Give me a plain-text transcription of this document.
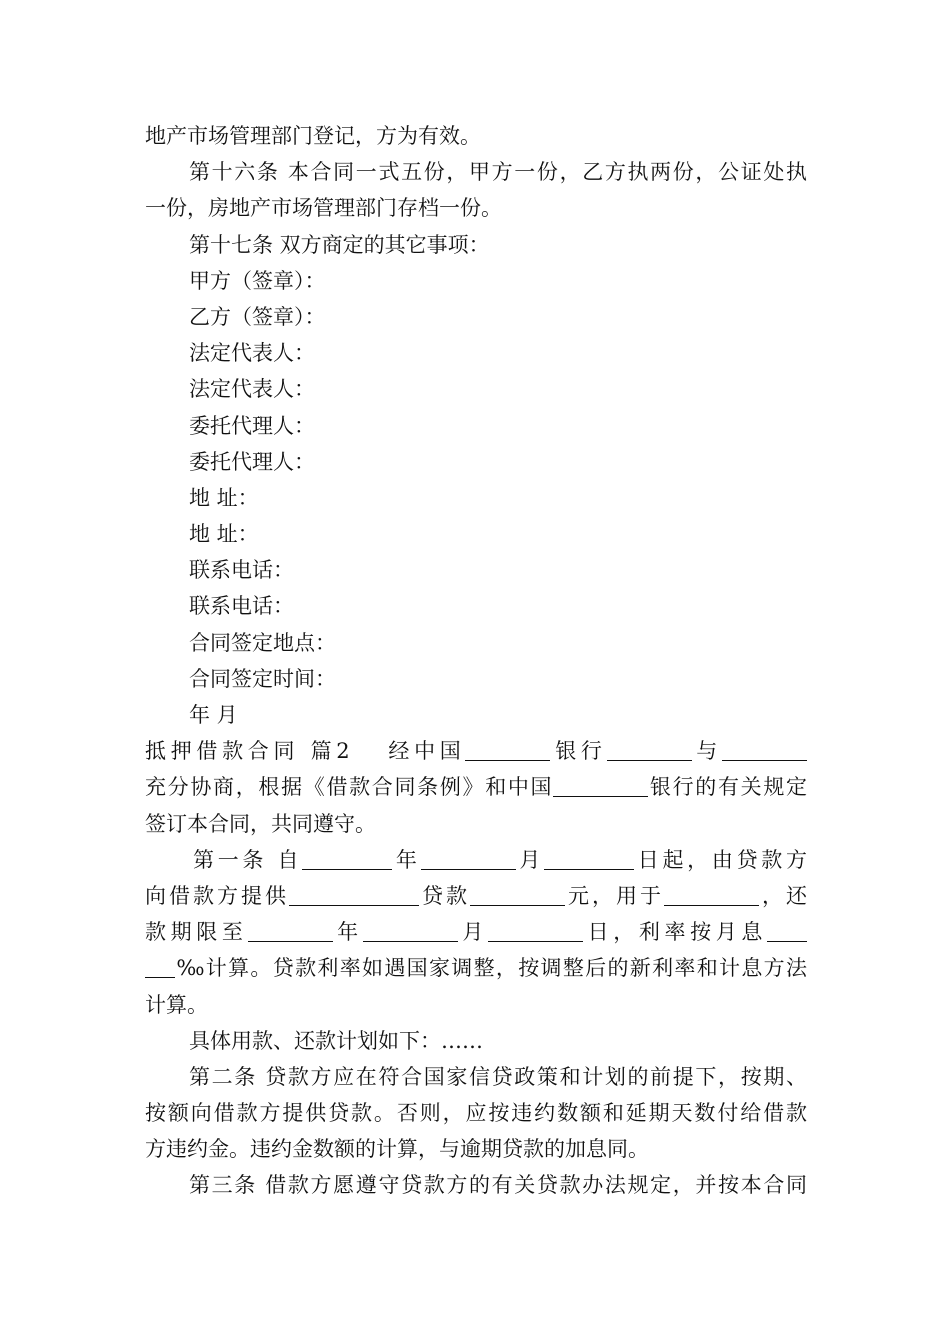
地产市场管理部门登记，方为有效。
第十六条 本合同一式五份，甲方一份，乙方执两份，公证处执
一份，房地产市场管理部门存档一份。
第十七条 双方商定的其它事项：
甲方（签章）：
乙方（签章）：
法定代表人：
法定代表人：
委托代理人：
委托代理人：
地 址：
地 址：
联系电话：
联系电话：
合同签定地点：
合同签定时间：
年 月
抵押借款合同 篇2 经中国	银行	与
充分协商，根据《借款合同条例》和中国	银行的有关规定
签订本合同，共同遵守。
第一条 自	年	月	日起，由贷款方
向借款方提供	贷款	元，用于	，还
款期限至	年	月	日，利率按月息
‰计算。贷款利率如遇国家调整，按调整后的新利率和计息方法
计算。
具体用款、还款计划如下：……
第二条 贷款方应在符合国家信贷政策和计划的前提下，按期、
按额向借款方提供贷款。否则，应按违约数额和延期天数付给借款
方违约金。违约金数额的计算，与逾期贷款的加息同。
第三条 借款方愿遵守贷款方的有关贷款办法规定，并按本合同
